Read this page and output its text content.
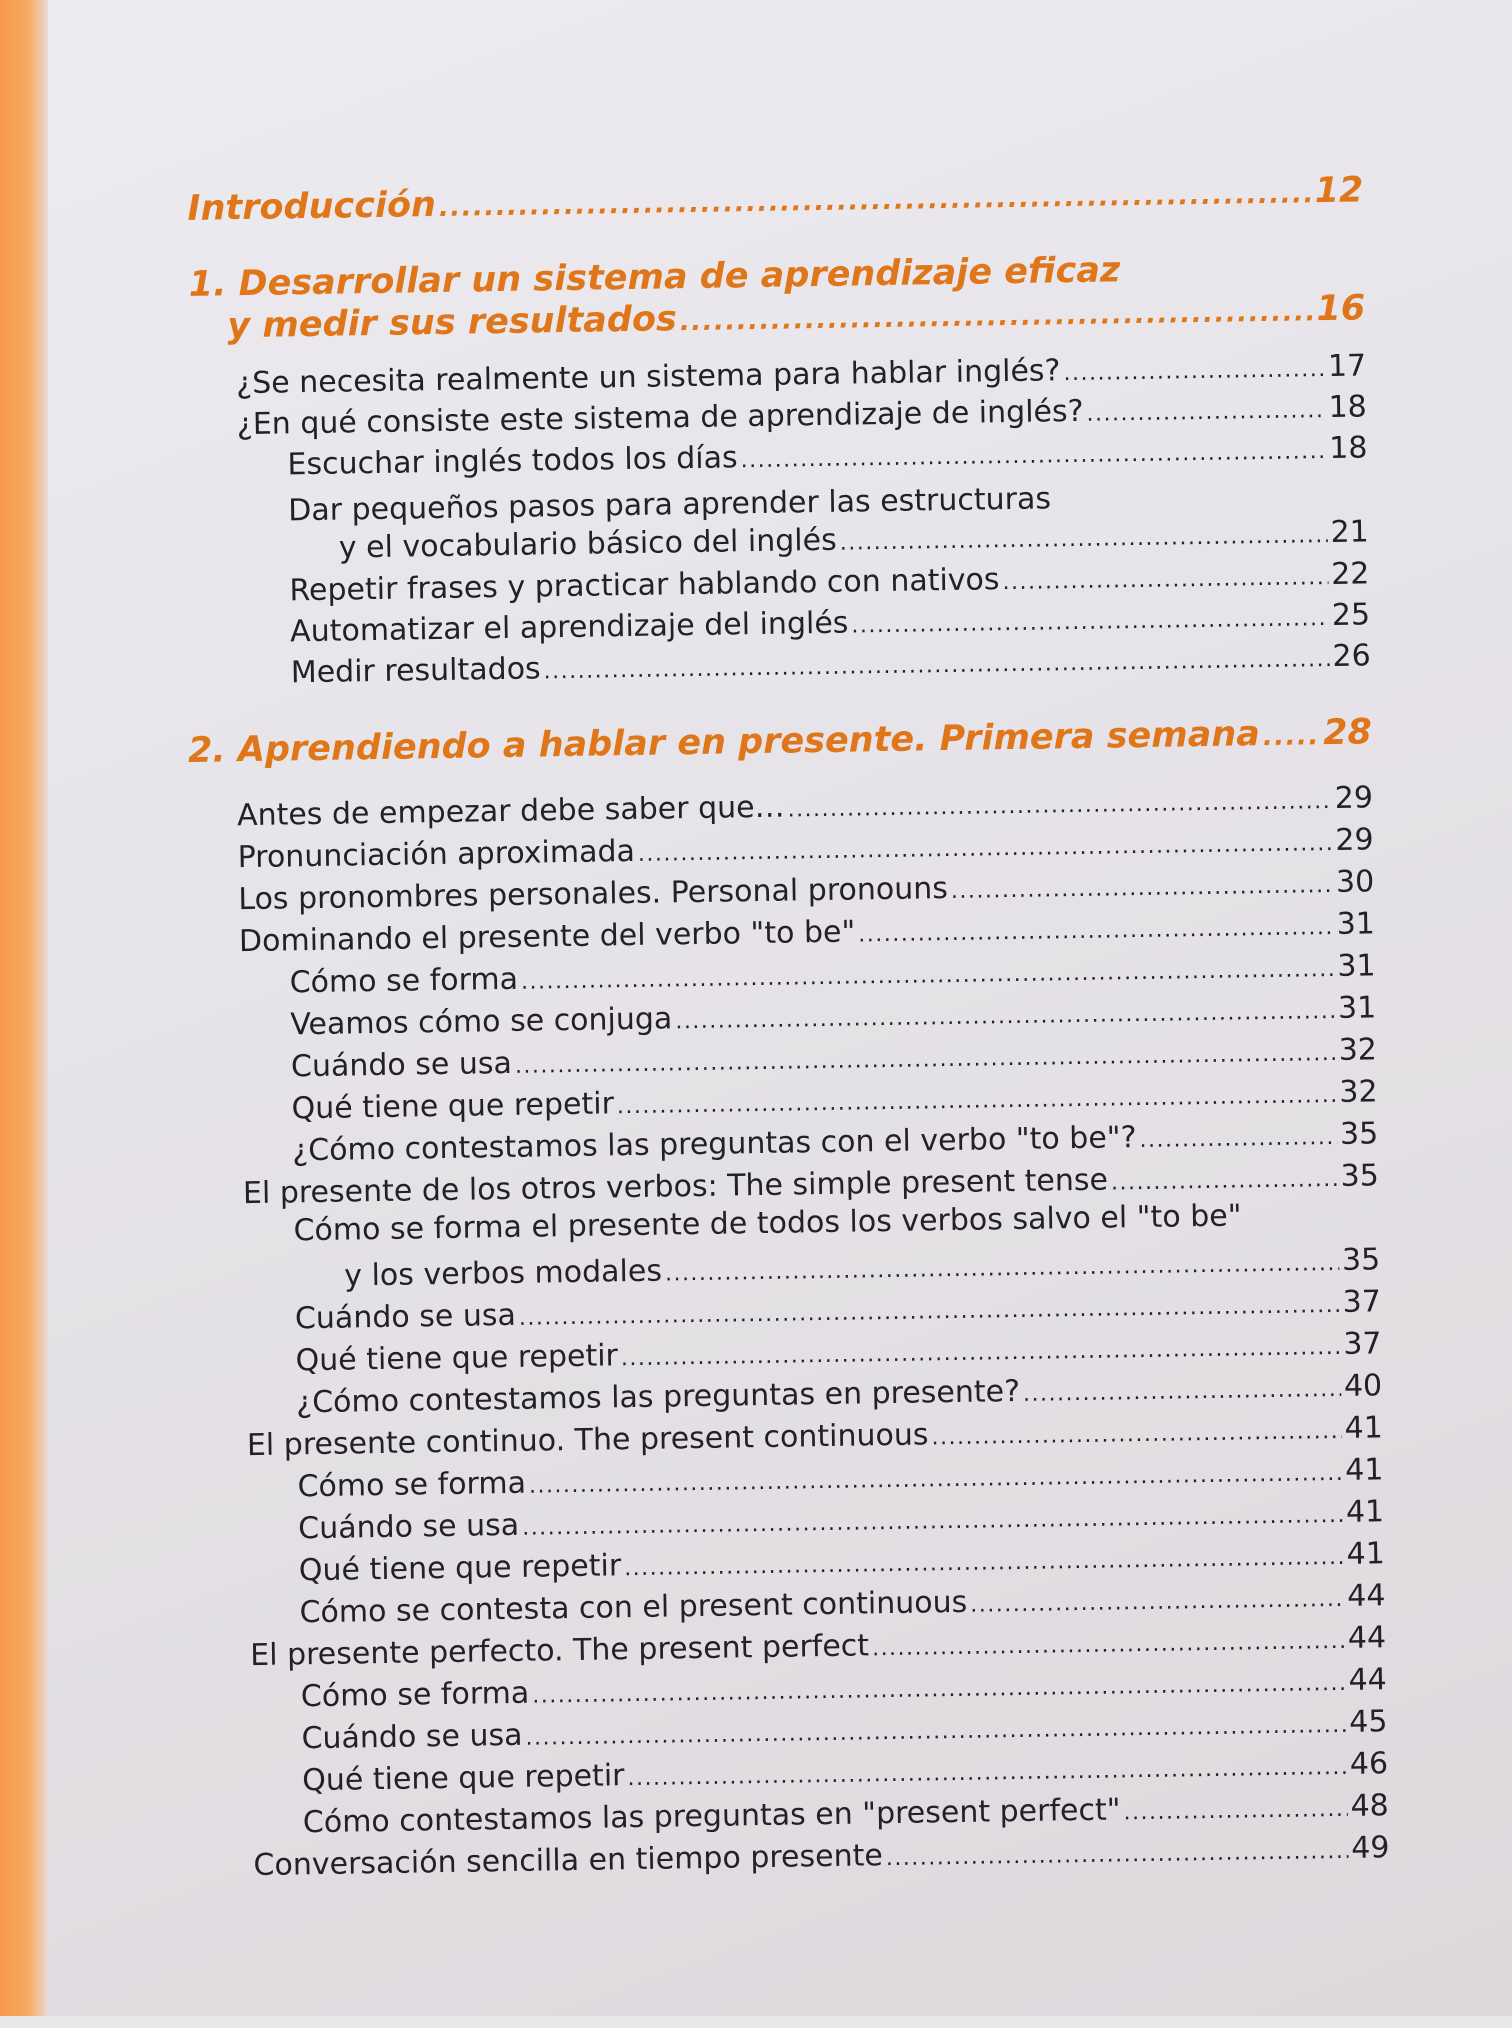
Introducción .....	12
1. Desarrollar un sistema de aprendizaje eficaz
y medir sus resultados .....	16
¿Se necesita realmente un sistema para hablar inglés? .....	17
¿En qué consiste este sistema de aprendizaje de inglés? .....	18
Escuchar inglés todos los días .....	18
Dar pequeños pasos para aprender las estructuras
y el vocabulario básico del inglés .....	21
Repetir frases y practicar hablando con nativos .....	22
Automatizar el aprendizaje del inglés .....	25
Medir resultados .....	26
2. Aprendiendo a hablar en presente. Primera semana ..... 28
Antes de empezar debe saber que… .....	29
Pronunciación aproximada .....	29
Los pronombres personales. Personal pronouns .....	30
Dominando el presente del verbo "to be" .....	31
Cómo se forma .....	31
Veamos cómo se conjuga .....	31
Cuándo se usa .....	32
Qué tiene que repetir .....	32
¿Cómo contestamos las preguntas con el verbo "to be"? .....	35
El presente de los otros verbos: The simple present tense .....	35
Cómo se forma el presente de todos los verbos salvo el "to be"
y los verbos modales .....	35
Cuándo se usa .....	37
Qué tiene que repetir .....	37
¿Cómo contestamos las preguntas en presente? .....	40
El presente continuo. The present continuous .....	41
Cómo se forma .....	41
Cuándo se usa .....	41
Qué tiene que repetir .....	41
Cómo se contesta con el present continuous .....	44
El presente perfecto. The present perfect .....	44
Cómo se forma .....	44
Cuándo se usa .....	45
Qué tiene que repetir .....	46
Cómo contestamos las preguntas en "present perfect" .....	48
Conversación sencilla en tiempo presente .....	49
